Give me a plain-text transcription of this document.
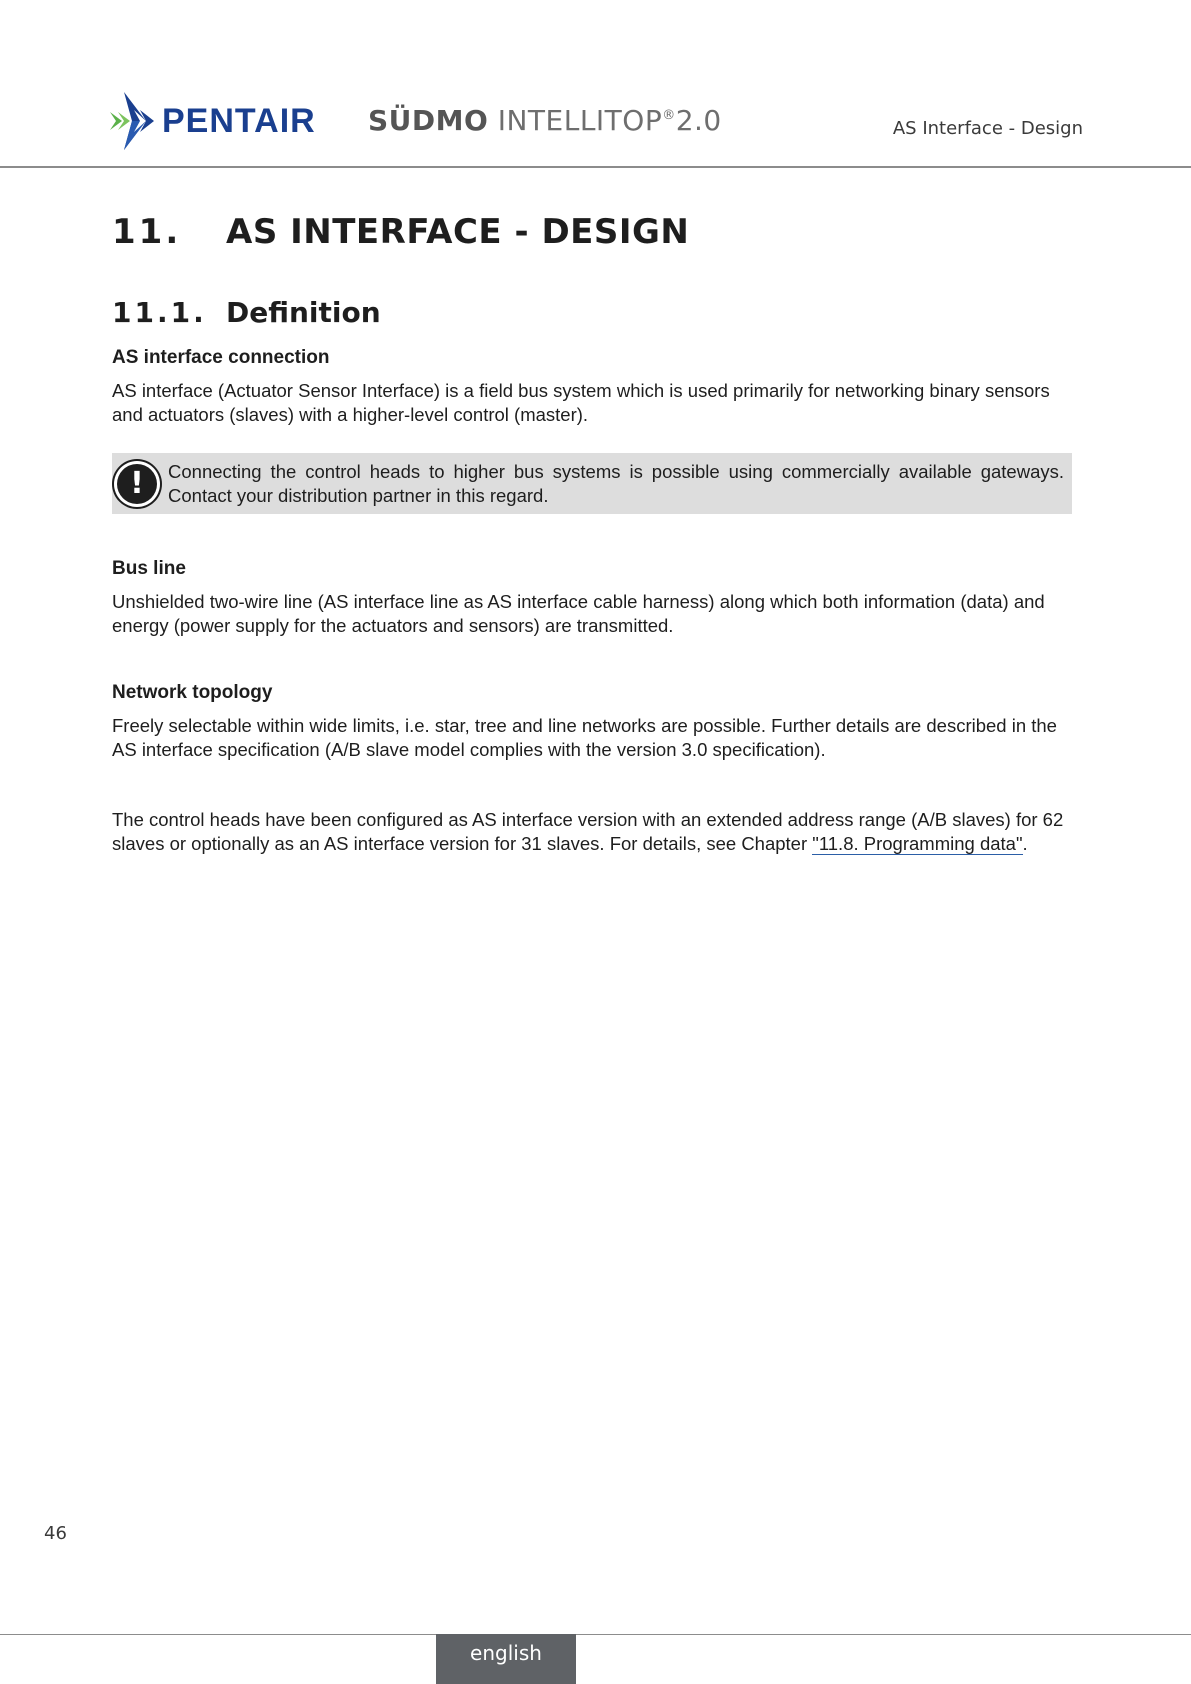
PENTAIR SÜDMO INTELLITOP®2.0	AS Interface - Design
11.	AS INTERFACE - DESIGN
11.1. Definition
AS interface connection

AS interface (Actuator Sensor Interface) is a field bus system which is used primarily for networking binary sensors and actuators (slaves) with a higher-level control (master).

! Connecting the control heads to higher bus systems is possible using commercially available gateways. Contact your distribution partner in this regard.

Bus line

Unshielded two-wire line (AS interface line as AS interface cable harness) along which both information (data) and energy (power supply for the actuators and sensors) are transmitted.

Network topology

Freely selectable within wide limits, i.e. star, tree and line networks are possible. Further details are described in the AS interface specification (A/B slave model complies with the version 3.0 specification).

The control heads have been configured as AS interface version with an extended address range (A/B slaves) for 62 slaves or optionally as an AS interface version for 31 slaves. For details, see Chapter "11.8. Programming data".

46
english
